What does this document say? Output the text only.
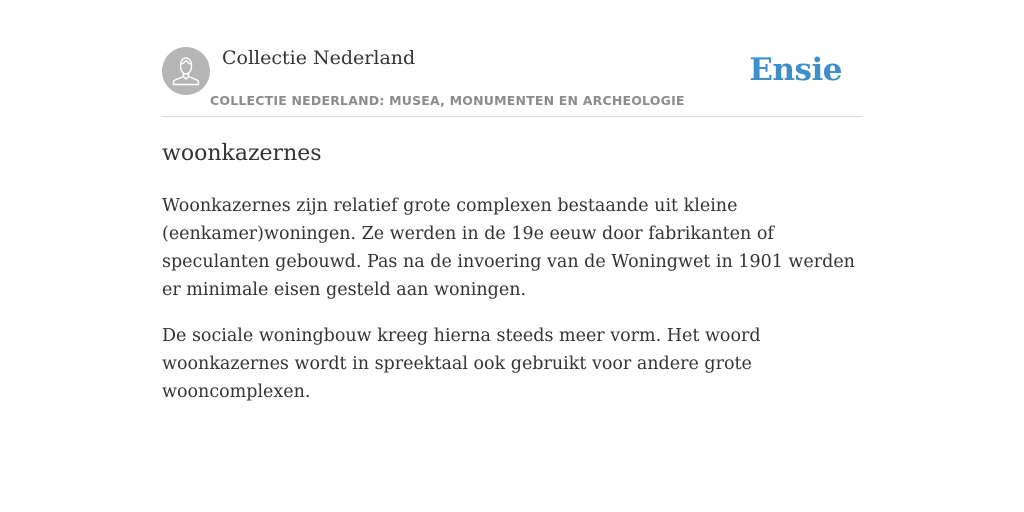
Collectie Nederland
COLLECTIE NEDERLAND: MUSEA, MONUMENTEN EN ARCHEOLOGIE
Ensie
woonkazernes

Woonkazernes zijn relatief grote complexen bestaande uit kleine (eenkamer)woningen. Ze werden in de 19e eeuw door fabrikanten of speculanten gebouwd. Pas na de invoering van de Woningwet in 1901 werden er minimale eisen gesteld aan woningen.

De sociale woningbouw kreeg hierna steeds meer vorm. Het woord woonkazernes wordt in spreektaal ook gebruikt voor andere grote wooncomplexen.
